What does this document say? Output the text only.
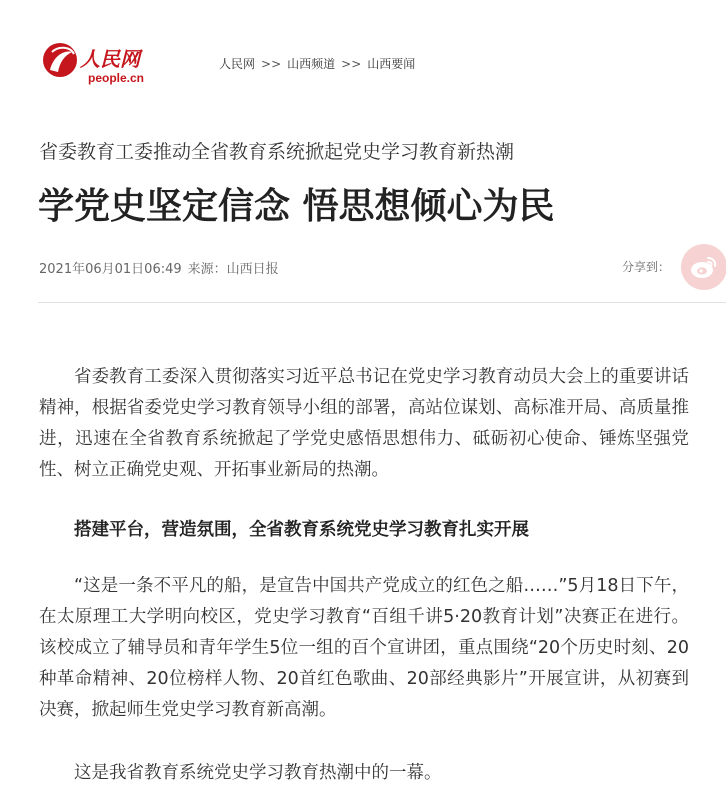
人民网
people.cn
人民网 >> 山西频道 >> 山西要闻
省委教育工委推动全省教育系统掀起党史学习教育新热潮
学党史坚定信念 悟思想倾心为民
2021年06月01日06:49 来源：山西日报	分享到：

省委教育工委深入贯彻落实习近平总书记在党史学习教育动员大会上的重要讲话精神，根据省委党史学习教育领导小组的部署，高站位谋划、高标准开局、高质量推进，迅速在全省教育系统掀起了学党史感悟思想伟力、砥砺初心使命、锤炼坚强党性、树立正确党史观、开拓事业新局的热潮。

搭建平台，营造氛围，全省教育系统党史学习教育扎实开展

“这是一条不平凡的船，是宣告中国共产党成立的红色之船……”5月18日下午，在太原理工大学明向校区，党史学习教育“百组千讲5·20教育计划”决赛正在进行。该校成立了辅导员和青年学生5位一组的百个宣讲团，重点围绕“20个历史时刻、20种革命精神、20位榜样人物、20首红色歌曲、20部经典影片”开展宣讲，从初赛到决赛，掀起师生党史学习教育新高潮。

这是我省教育系统党史学习教育热潮中的一幕。
